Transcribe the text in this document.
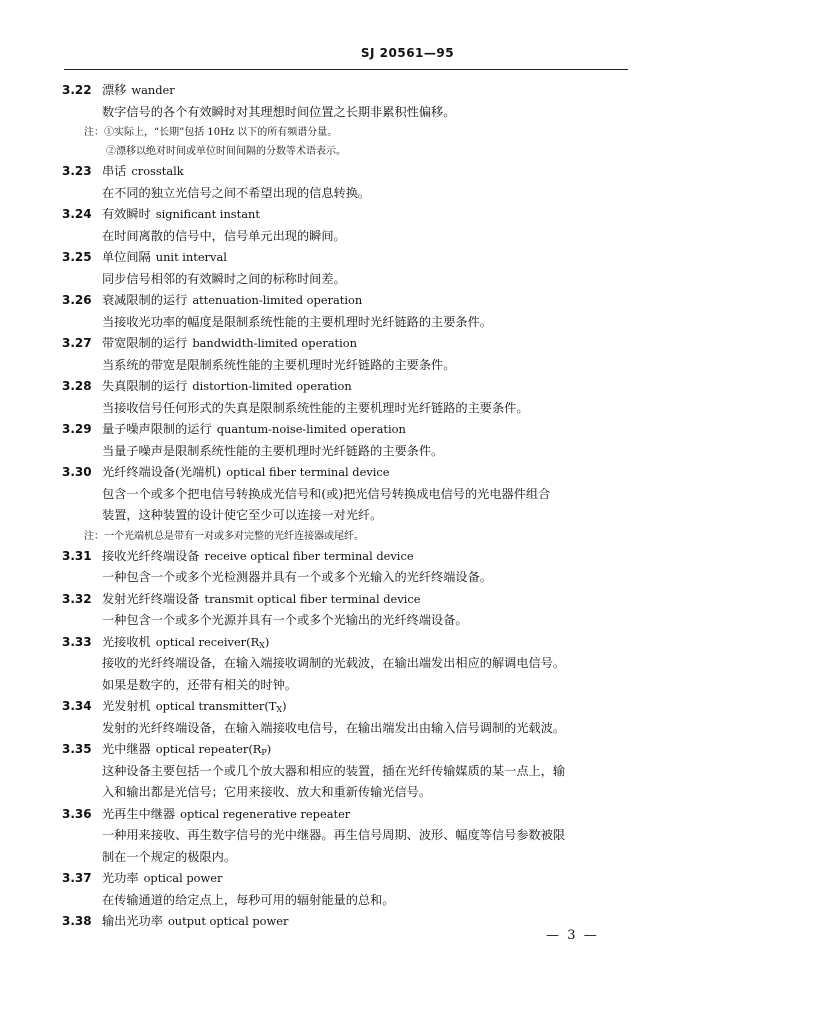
SJ 20561—95
3.22 漂移 wander
数字信号的各个有效瞬时对其理想时间位置之长期非累积性偏移。
注：①实际上，“长期”包括 10Hz 以下的所有频谱分量。
②漂移以绝对时间或单位时间间隔的分数等术语表示。
3.23 串话 crosstalk
在不同的独立光信号之间不希望出现的信息转换。
3.24 有效瞬时 significant instant
在时间离散的信号中，信号单元出现的瞬间。
3.25 单位间隔 unit interval
同步信号相邻的有效瞬时之间的标称时间差。
3.26 衰减限制的运行 attenuation-limited operation
当接收光功率的幅度是限制系统性能的主要机理时光纤链路的主要条件。
3.27 带宽限制的运行 bandwidth-limited operation
当系统的带宽是限制系统性能的主要机理时光纤链路的主要条件。
3.28 失真限制的运行 distortion-limited operation
当接收信号任何形式的失真是限制系统性能的主要机理时光纤链路的主要条件。
3.29 量子噪声限制的运行 quantum-noise-limited operation
当量子噪声是限制系统性能的主要机理时光纤链路的主要条件。
3.30 光纤终端设备(光端机) optical fiber terminal device
包含一个或多个把电信号转换成光信号和(或)把光信号转换成电信号的光电器件组合
装置，这种装置的设计使它至少可以连接一对光纤。
注：一个光端机总是带有一对或多对完整的光纤连接器或尾纤。
3.31 接收光纤终端设备 receive optical fiber terminal device
一种包含一个或多个光检测器并具有一个或多个光输入的光纤终端设备。
3.32 发射光纤终端设备 transmit optical fiber terminal device
一种包含一个或多个光源并具有一个或多个光输出的光纤终端设备。
3.33 光接收机 optical $receiver(R_X)$
接收的光纤终端设备，在输入端接收调制的光载波，在输出端发出相应的解调电信号。
如果是数字的，还带有相关的时钟。
3.34 光发射机 optical $transmitter(T_X)$
发射的光纤终端设备，在输入端接收电信号，在输出端发出由输入信号调制的光载波。
3.35 光中继器 optical $repeater(R_P)$
这种设备主要包括一个或几个放大器和相应的装置，插在光纤传输媒质的某一点上，输
入和输出都是光信号；它用来接收、放大和重新传输光信号。
3.36 光再生中继器 optical regenerative repeater
一种用来接收、再生数字信号的光中继器。再生信号周期、波形、幅度等信号参数被限
制在一个规定的极限内。
3.37 光功率 optical power
在传输通道的给定点上，每秒可用的辐射能量的总和。
3.38 输出光功率 output optical power
—  3  —
